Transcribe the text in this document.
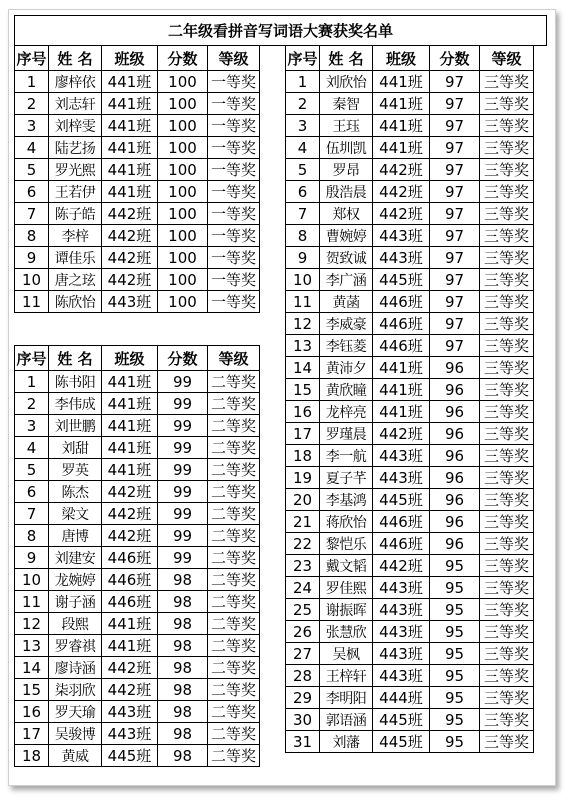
二年级看拼音写词语大赛获奖名单
序号	姓 名	班级	分数	等级
1	廖梓依	441班	100	一等奖
2	刘志轩	441班	100	一等奖
3	刘梓雯	441班	100	一等奖
4	陆艺扬	441班	100	一等奖
5	罗光熙	441班	100	一等奖
6	王若伊	441班	100	一等奖
7	陈子皓	442班	100	一等奖
8	李梓	442班	100	一等奖
9	谭佳乐	442班	100	一等奖
10	唐之玹	442班	100	一等奖
11	陈欣怡	443班	100	一等奖
序号	姓 名	班级	分数	等级
1	陈书阳	441班	99	二等奖
2	李伟成	441班	99	二等奖
3	刘世鹏	441班	99	二等奖
4	刘甜	441班	99	二等奖
5	罗英	441班	99	二等奖
6	陈杰	442班	99	二等奖
7	梁文	442班	99	二等奖
8	唐博	442班	99	二等奖
9	刘建安	446班	99	二等奖
10	龙婉婷	446班	98	二等奖
11	谢子涵	446班	98	二等奖
12	段熙	441班	98	二等奖
13	罗睿祺	441班	98	二等奖
14	廖诗涵	442班	98	二等奖
15	柒羽欣	442班	98	二等奖
16	罗天瑜	443班	98	二等奖
17	吴骏博	443班	98	二等奖
18	黄威	445班	98	二等奖
序号	姓 名	班级	分数	等级
1	刘欣怡	441班	97	三等奖
2	秦智	441班	97	三等奖
3	王珏	441班	97	三等奖
4	伍圳凯	441班	97	三等奖
5	罗昂	442班	97	三等奖
6	殷浩晨	442班	97	三等奖
7	郑权	442班	97	三等奖
8	曹婉婷	443班	97	三等奖
9	贺致诚	443班	97	三等奖
10	李广涵	445班	97	三等奖
11	黄菡	446班	97	三等奖
12	李威豪	446班	97	三等奖
13	李钰菱	446班	97	三等奖
14	黄沛夕	441班	96	三等奖
15	黄欣瞳	441班	96	三等奖
16	龙梓亮	441班	96	三等奖
17	罗瑾晨	442班	96	三等奖
18	李一航	443班	96	三等奖
19	夏子芊	443班	96	三等奖
20	李基鸿	445班	96	三等奖
21	蒋欣怡	446班	96	三等奖
22	黎恺乐	446班	96	三等奖
23	戴文韬	442班	95	三等奖
24	罗佳熙	443班	95	三等奖
25	谢振晖	443班	95	三等奖
26	张慧欣	443班	95	三等奖
27	吴枫	443班	95	三等奖
28	王梓轩	443班	95	三等奖
29	李明阳	444班	95	三等奖
30	郭语涵	445班	95	三等奖
31	刘藩	445班	95	三等奖
